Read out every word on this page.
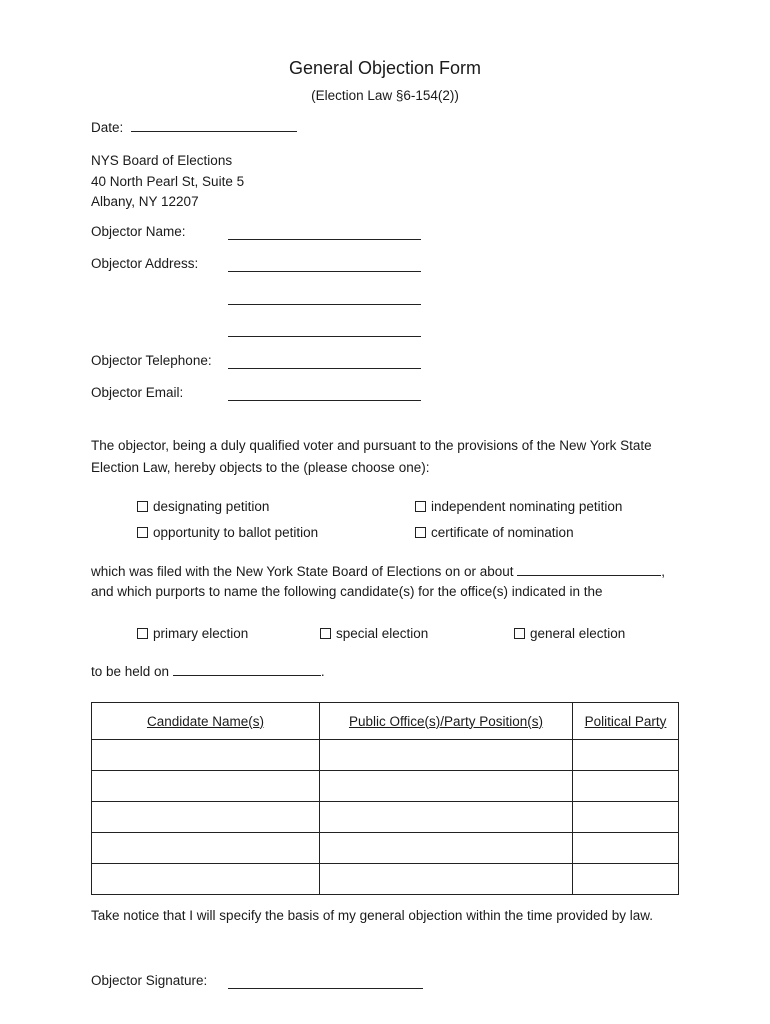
General Objection Form
(Election Law §6-154(2))
Date:
NYS Board of Elections
40 North Pearl St, Suite 5
Albany, NY 12207
Objector Name:
Objector Address:
Objector Telephone:
Objector Email:
The objector, being a duly qualified voter and pursuant to the provisions of the New York State Election Law, hereby objects to the (please choose one):
designating petition	independent nominating petition
opportunity to ballot petition	certificate of nomination
which was filed with the New York State Board of Elections on or about	,
and which purports to name the following candidate(s) for the office(s) indicated in the
primary election	special election	general election
to be held on	.
Candidate Name(s)	Public Office(s)/Party Position(s)	Political Party

Take notice that I will specify the basis of my general objection within the time provided by law.
Objector Signature:
